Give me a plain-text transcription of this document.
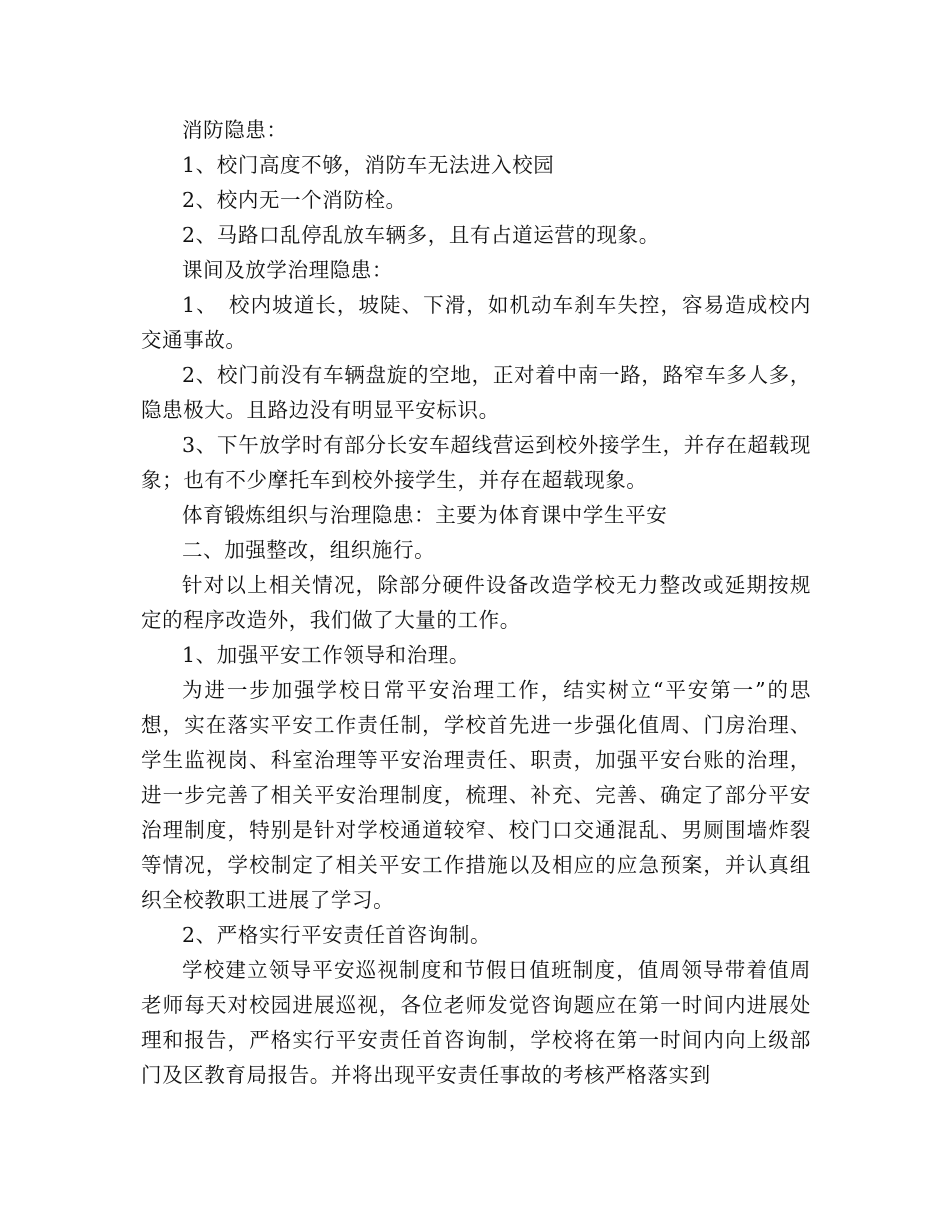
消防隐患：

1、校门高度不够，消防车无法进入校园

2、校内无一个消防栓。

2、马路口乱停乱放车辆多，且有占道运营的现象。

课间及放学治理隐患：

1、　校内坡道长，坡陡、下滑，如机动车刹车失控，容易造成校内交通事故。

2、校门前没有车辆盘旋的空地，正对着中南一路，路窄车多人多，隐患极大。且路边没有明显平安标识。

3、下午放学时有部分长安车超线营运到校外接学生，并存在超载现象；也有不少摩托车到校外接学生，并存在超载现象。

体育锻炼组织与治理隐患：主要为体育课中学生平安

二、加强整改，组织施行。

针对以上相关情况，除部分硬件设备改造学校无力整改或延期按规定的程序改造外，我们做了大量的工作。

1、加强平安工作领导和治理。

为进一步加强学校日常平安治理工作，结实树立“平安第一”的思想，实在落实平安工作责任制，学校首先进一步强化值周、门房治理、学生监视岗、科室治理等平安治理责任、职责，加强平安台账的治理，进一步完善了相关平安治理制度，梳理、补充、完善、确定了部分平安治理制度，特别是针对学校通道较窄、校门口交通混乱、男厕围墙炸裂等情况，学校制定了相关平安工作措施以及相应的应急预案，并认真组织全校教职工进展了学习。

2、严格实行平安责任首咨询制。

学校建立领导平安巡视制度和节假日值班制度，值周领导带着值周老师每天对校园进展巡视，各位老师发觉咨询题应在第一时间内进展处理和报告，严格实行平安责任首咨询制，学校将在第一时间内向上级部门及区教育局报告。并将出现平安责任事故的考核严格落实到
